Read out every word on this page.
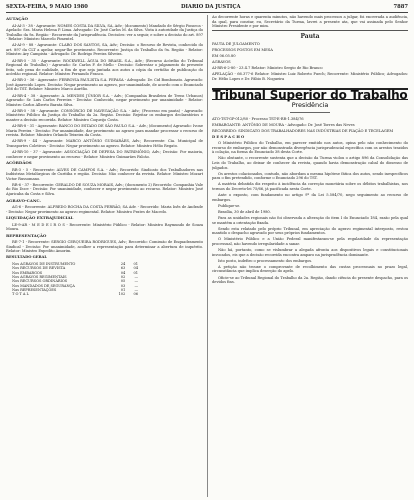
SEXTA-FEIRA, 9 MAIO 1980	DIARIO DA JUSTIÇA	7887
AUTAÇÃO

AI-AI-3 - 38 - Agravante: NOMES COSTA DA SILVA, SA, Adv.; (documento) Mandado de Sérgio Fonseca - Apelado: Sra. Maria Helena P. Lima. Advogado: Dr. José Carlos M. da Silva. Vista à autoridade da Justiça do Trabalho da 9a. Região - Recorrente da Jurisprudência. Decisões: ver a seguir, e sobre a decisão do art. 897 - Relator: Ministro Marcelo Pimentel.

AI-AI-9 - 88 - Agravante: CLARO DOS SANTOS, SA, Adv.; Decisão: o Recurso de Revista, conhecido do art. 897 da CLT a apelar, negar-lhe provimento. Recorrente: Justiça do Trabalho da 9a. Região - Relator: Ministro Ary Campista - Advogado: Dr. Rodrigo Pereira Silveira.

AI-RR-5 - 35 - Agravante: ROCKWELL ÁGUA DO BRASIL S.A., Adv.; (Recurso Acórdão do Tribunal Regional do Trabalho) - Agravado: Sr. Carlos F. de Mello - Decisão: Sobrestar o julgamento do presente feito, sob pena de nulidade, a fim de que seja juntada aos autos a cópia da certidão de publicação do acórdão regional. Relator: Ministro Fernando Franco.

AI-RR-3 - 36 - Agravante: FERROVIA PAULISTA S.A. FEPASA - Advogado: Dr. Cid Bombonato. Agravado: José Aparecido Lopes. Decisão: Negar provimento ao agravo, por unanimidade, de acordo com o Enunciado 266 do TST. Relator: Ministro Marco Aurélio.

AI-RR-4 - 38 - Agravante: A. MENDES JÚNIOR S.A. - Adv.; (Companhia Brasileira de Trens Urbanos) Agravado: Sr. Luis Carlos Ferreira - Decisão: Conhecido, negar provimento por unanimidade - Relator: Ministro Carlos Alberto Barata Silva.

AI-RR-5 - 58 - Agravante: CONSÓRCIO DE NAVEGAÇÃO S.A. - Adv.; (Processo em pauta) - Agravado: Ministério Público da Justiça do Trabalho da 2a. Região. Decisão: Rejeitar os embargos declaratórios e manter a decisão recorrida. Relator: Ministro Coqueijo Costa.

AI-RR-8 - 31 - Agravante: BANCO DO ESTADO DE SÃO PAULO S.A. - Adv.; (documento) Agravado: Ivone Maria Pereira - Decisão: Por unanimidade, dar provimento ao agravo para mandar processar o recurso de revista. Relator: Ministro Orlando Teixeira da Costa.

AI-RR-9 - 44 - Agravante: MARCO ANTÔNIO GUIMARÃES, Adv.; Recorrente: Cia. Municipal de Transportes Coletivos - Decisão: Negar provimento ao agravo. Relator: Ministro Hélio Regato.

AI-RR-10 - 37 - Agravante: ASSOCIAÇÃO DE DEFESA DO PATRIMÔNIO, Adv.; Decisão: Por maioria, conhecer e negar provimento ao recurso - Relator: Ministro Guimarães Falcão.

ACÓRDÃOS

RR-3 - 5 - Recorrente: ALVES DE CAMPOS S.A. - Adv.; Recorrido: Sindicato dos Trabalhadores nas Indústrias Metalúrgicas de Curitiba e região. Decisão: Não conhecer da revista. Relator: Ministro Mozart Victor Russomano.

RR-6 - 37 - Recorrente: GERALDO DE SOUZA MORAIS, Adv.; (documento 2) Recorrido: Companhia Vale do Rio Doce - Decisão: Por unanimidade, conhecer e negar provimento ao recurso. Relator: Ministro José Ajuricaba da Costa e Silva.

AGRAVO-CANC.

AG-6 - Recorrente: ALFREDO ROCHA DA COSTA FERRÃO, SA Adv. - Recorrido: Maria Inês de Andrade - Decisão: Negar provimento ao agravo regimental. Relator: Ministro Prates de Macedo.

LIQUIDAÇÃO EXTRAJUDICIAL

LE-9-AR - M E D E I R O S - Recorrente: Ministério Público - Relator: Ministro Raymundo de Souza Moura.

REPRESENTAÇÃO

RE-7-1 - Recorrente: SERGIO CERQUEIRA RODRIGUES, Adv.; Recorrido: Comissão de Enquadramento Sindical - Decisão: Por unanimidade, acolher a representação para determinar a abertura de inquérito. Relator: Ministro Expedito Amorim.

RESULTADO GERAL

Nos AGRAVOS DE INSTRUMENTO	24	01
Nos RECURSOS DE REVISTA	63	04
Nos EMBARGOS	04	01
Nos AGRAVOS REGIMENTAIS	02	—
Nos RECURSOS ORDINÁRIOS	05	—
Nos MANDADOS DE SEGURANÇA	03	—
Nas REPRESENTAÇÕES	01	—
T O T A L	102	06

Ao decorrente horas e quarenta minutos, não havendo mais processos a julgar, foi encerrada a audiência, da qual, para constar, eu, Secretário da Turma, lavrei a presente ata, que vai assinada pelo Senhor Ministro Presidente e por mim.

Pauta

PAUTA DE JULGAMENTO

PROCESSOS POSTOS EM MESA

EM 06.05.80

AGRAVOS

AI-RR-6-2-80 - 23.4.7 Relator: Ministro Sergio de Rio Branco

APELAÇÃO - 66.377-6 Relator: Ministro Luiz Roberto Puech; Recorrente: Ministério Público; Advogados: Dr. Hélio Lopes e Dr. Fábio B. Nogueira

Tribunal Superior do Trabalho
Presidência

ATO-TST-GP-012/80 - Processo TST-E-RR-1.384/76

EMBARGANTE: ANTÔNIO DE MOURA - Advogado: Dr. José Torres das Neves

RECORRIDO: SINDICATO DOS TRABALHADORES NAS INDÚSTRIAS DE FIAÇÃO E TECELAGEM

D E S P A C H O

O Ministério Público do Trabalho, em parecer emitido nos autos, opina pelo não conhecimento do recurso de embargos, por não demonstrada divergência jurisprudencial específica com os arestos trazidos à colação, na forma do Enunciado 38 desta Corte.

Não obstante, o recorrente sustenta que a decisão da Turma violou o artigo 896 da Consolidação das Leis do Trabalho, ao deixar de conhecer da revista, quando havia demonstração cabal do dissenso de julgados.

Os arestos colacionados, contudo, não abordam a mesma hipótese fática dos autos, sendo inespecíficos para o fim pretendido, conforme o Enunciado 296 do TST.

A matéria debatida diz respeito à incidência da correção monetária sobre os débitos trabalhistas, nos termos do Decreto-lei 75/66, já pacificada nesta Corte.

Ante o exposto, com fundamento no artigo 9º da Lei 5.584/70, nego seguimento ao recurso de embargos.

Publique-se.

Brasília, 30 de abril de 1980.

Para as unidades regionais não foi observada a alteração do item I do Enunciado 184, razão pela qual se mantém a orientação fixada.

Sendo esta relatado pelo próprio Tribunal, em apreciação do agravo regimental interposto, restou mantido o despacho agravado por seus próprios fundamentos.

O Ministério Público e a União Federal manifestaram-se pela regularidade da representação processual, não havendo irregularidade a sanar.

Não há, portanto, como se vislumbrar a alegada afronta aos dispositivos legais e constitucionais invocados, eis que a decisão recorrida encontra amparo na jurisprudência dominante.

Isto posto, indefiro o processamento dos embargos.

A petição não trouxe o comprovante de recolhimento das custas processuais no prazo legal, circunstância que implica deserção do apelo.

Oficie-se ao Tribunal Regional do Trabalho da 2a. Região, dando ciência do presente despacho, para os devidos fins.
